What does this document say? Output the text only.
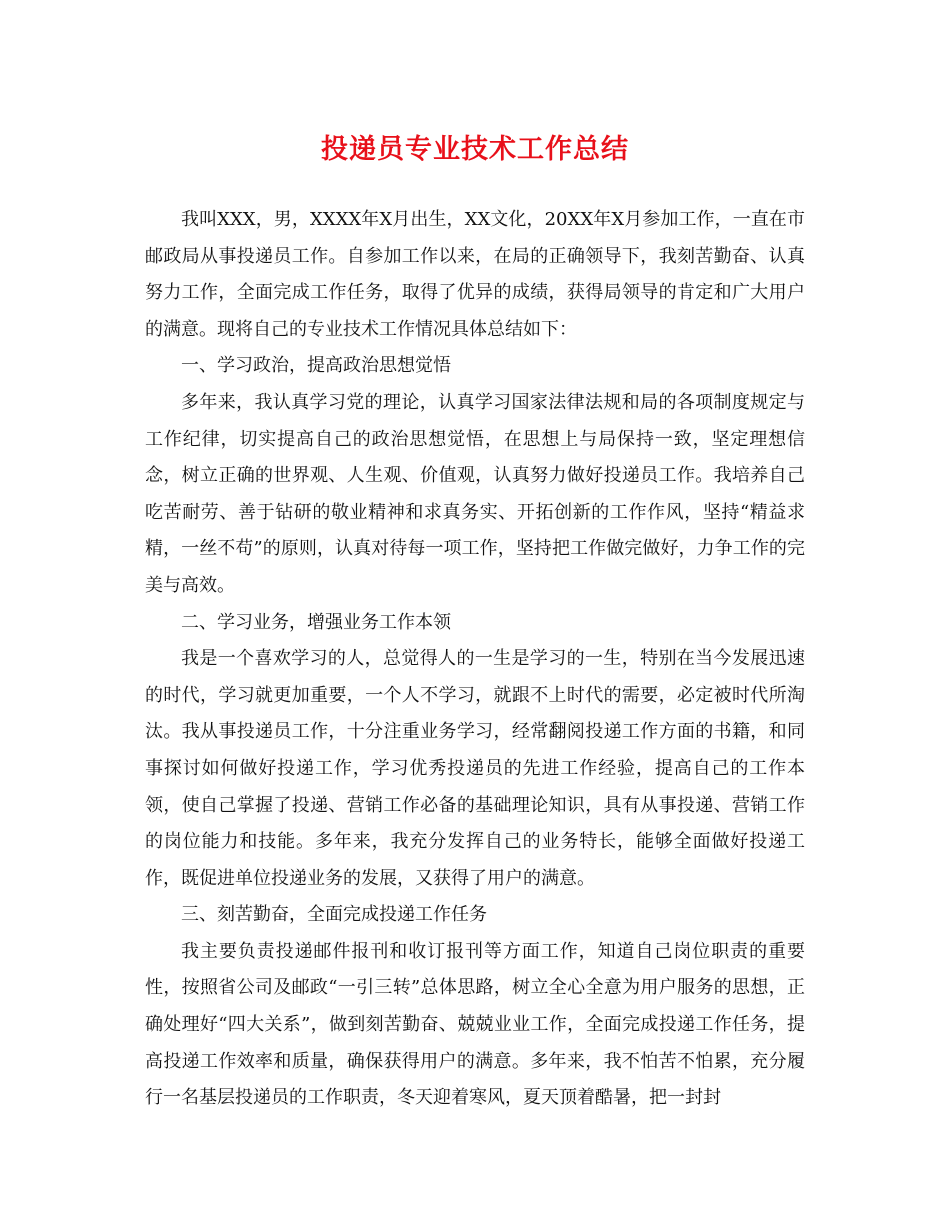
投递员专业技术工作总结

我叫XXX，男，XXXX年X月出生，XX文化，20XX年X月参加工作，一直在市邮政局从事投递员工作。自参加工作以来，在局的正确领导下，我刻苦勤奋、认真努力工作，全面完成工作任务，取得了优异的成绩，获得局领导的肯定和广大用户的满意。现将自己的专业技术工作情况具体总结如下：

一、学习政治，提高政治思想觉悟

多年来，我认真学习党的理论，认真学习国家法律法规和局的各项制度规定与工作纪律，切实提高自己的政治思想觉悟，在思想上与局保持一致，坚定理想信念，树立正确的世界观、人生观、价值观，认真努力做好投递员工作。我培养自己吃苦耐劳、善于钻研的敬业精神和求真务实、开拓创新的工作作风，坚持“精益求精，一丝不苟”的原则，认真对待每一项工作，坚持把工作做完做好，力争工作的完美与高效。

二、学习业务，增强业务工作本领

我是一个喜欢学习的人，总觉得人的一生是学习的一生，特别在当今发展迅速的时代，学习就更加重要，一个人不学习，就跟不上时代的需要，必定被时代所淘汰。我从事投递员工作，十分注重业务学习，经常翻阅投递工作方面的书籍，和同事探讨如何做好投递工作，学习优秀投递员的先进工作经验，提高自己的工作本领，使自己掌握了投递、营销工作必备的基础理论知识，具有从事投递、营销工作的岗位能力和技能。多年来，我充分发挥自己的业务特长，能够全面做好投递工作，既促进单位投递业务的发展，又获得了用户的满意。

三、刻苦勤奋，全面完成投递工作任务

我主要负责投递邮件报刊和收订报刊等方面工作，知道自己岗位职责的重要性，按照省公司及邮政“一引三转”总体思路，树立全心全意为用户服务的思想，正确处理好“四大关系”，做到刻苦勤奋、兢兢业业工作，全面完成投递工作任务，提高投递工作效率和质量，确保获得用户的满意。多年来，我不怕苦不怕累，充分履行一名基层投递员的工作职责，冬天迎着寒风，夏天顶着酷暑，把一封封
